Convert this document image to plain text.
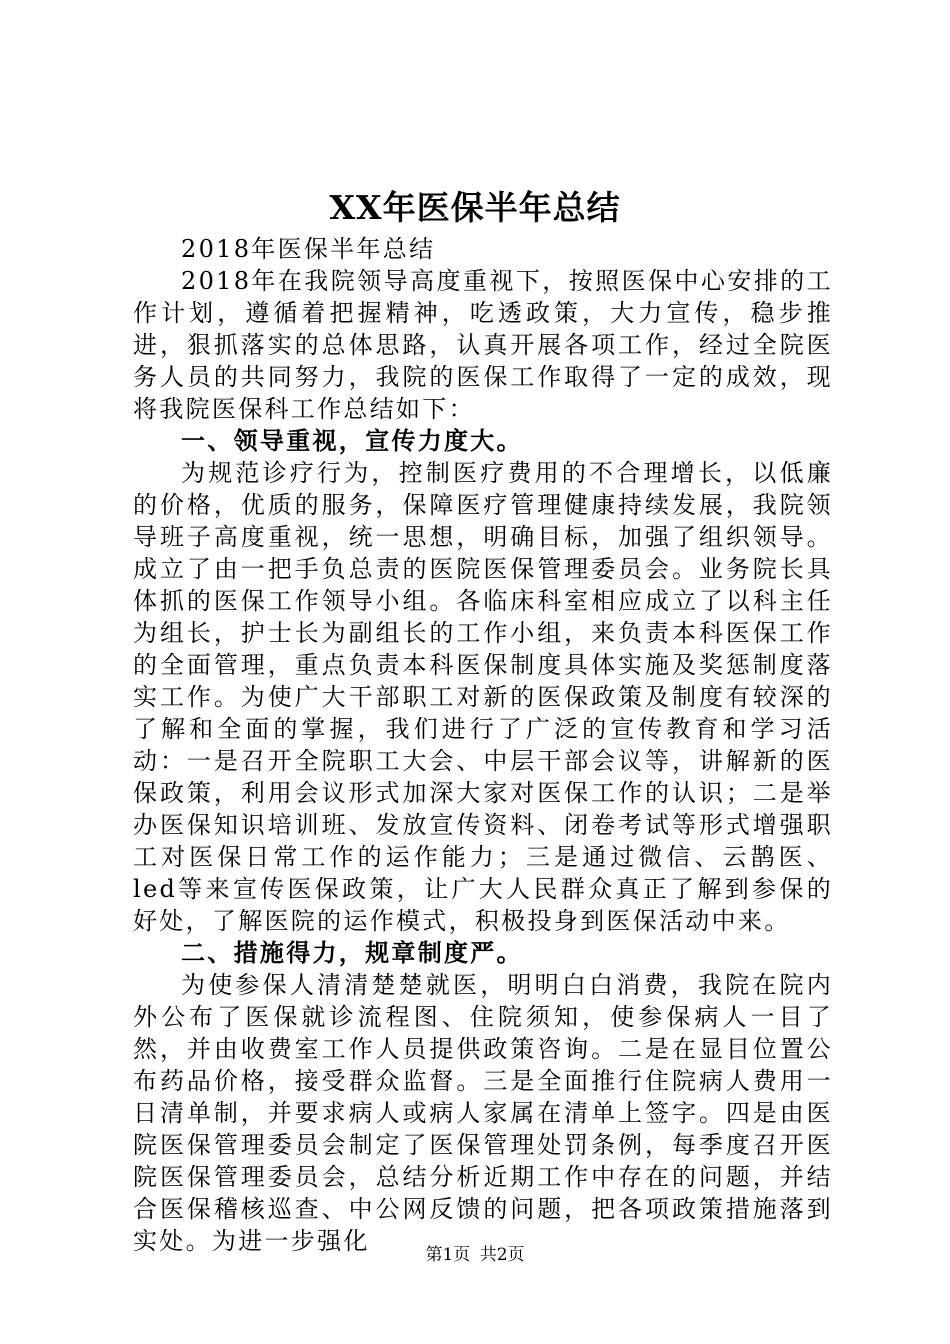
XX年医保半年总结

2018年医保半年总结

2018年在我院领导高度重视下，按照医保中心安排的工作计划，遵循着把握精神，吃透政策，大力宣传，稳步推进，狠抓落实的总体思路，认真开展各项工作，经过全院医务人员的共同努力，我院的医保工作取得了一定的成效，现将我院医保科工作总结如下：

一、领导重视，宣传力度大。

为规范诊疗行为，控制医疗费用的不合理增长，以低廉的价格，优质的服务，保障医疗管理健康持续发展，我院领导班子高度重视，统一思想，明确目标，加强了组织领导。成立了由一把手负总责的医院医保管理委员会。业务院长具体抓的医保工作领导小组。各临床科室相应成立了以科主任为组长，护士长为副组长的工作小组，来负责本科医保工作的全面管理，重点负责本科医保制度具体实施及奖惩制度落实工作。为使广大干部职工对新的医保政策及制度有较深的了解和全面的掌握，我们进行了广泛的宣传教育和学习活动：一是召开全院职工大会、中层干部会议等，讲解新的医保政策，利用会议形式加深大家对医保工作的认识；二是举办医保知识培训班、发放宣传资料、闭卷考试等形式增强职工对医保日常工作的运作能力；三是通过微信、云鹊医、led等来宣传医保政策，让广大人民群众真正了解到参保的好处，了解医院的运作模式，积极投身到医保活动中来。

二、措施得力，规章制度严。

为使参保人清清楚楚就医，明明白白消费，我院在院内外公布了医保就诊流程图、住院须知，使参保病人一目了然，并由收费室工作人员提供政策咨询。二是在显目位置公布药品价格，接受群众监督。三是全面推行住院病人费用一日清单制，并要求病人或病人家属在清单上签字。四是由医院医保管理委员会制定了医保管理处罚条例，每季度召开医院医保管理委员会，总结分析近期工作中存在的问题，并结合医保稽核巡查、中公网反馈的问题，把各项政策措施落到实处。为进一步强化	第1页 共2页
